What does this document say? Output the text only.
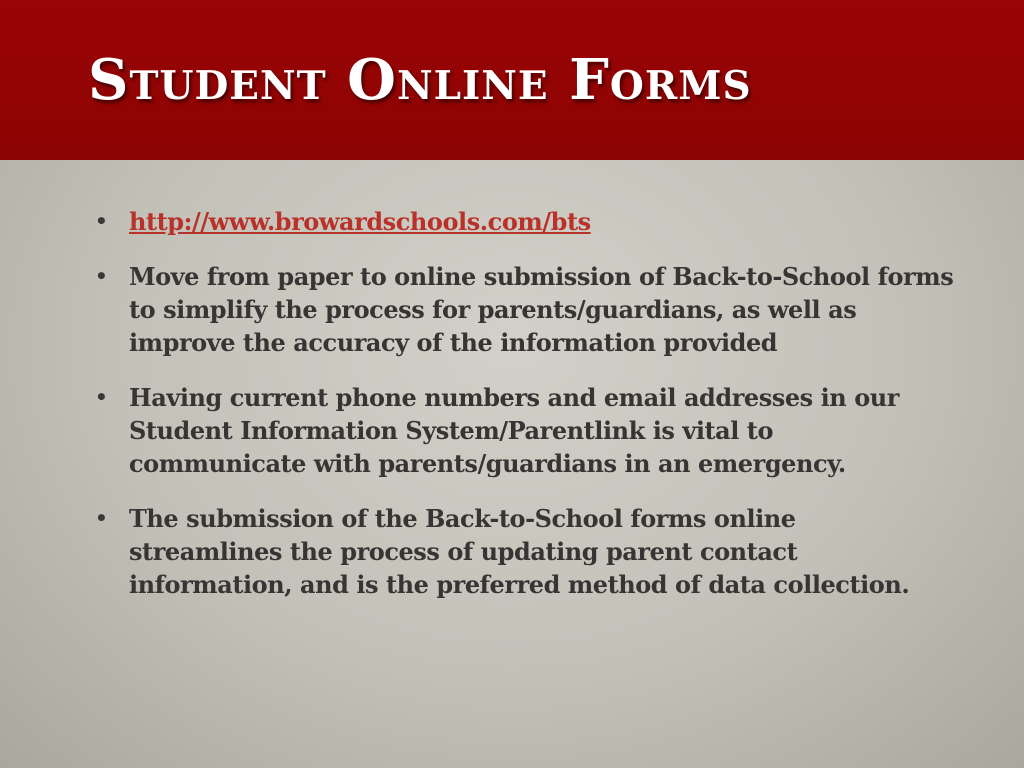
Student Online Forms
• http://www.browardschools.com/bts
• Move from paper to online submission of Back-to-School forms to simplify the process for parents/guardians, as well as improve the accuracy of the information provided
• Having current phone numbers and email addresses in our Student Information System/Parentlink is vital to communicate with parents/guardians in an emergency.
• The submission of the Back-to-School forms online streamlines the process of updating parent contact information, and is the preferred method of data collection.
